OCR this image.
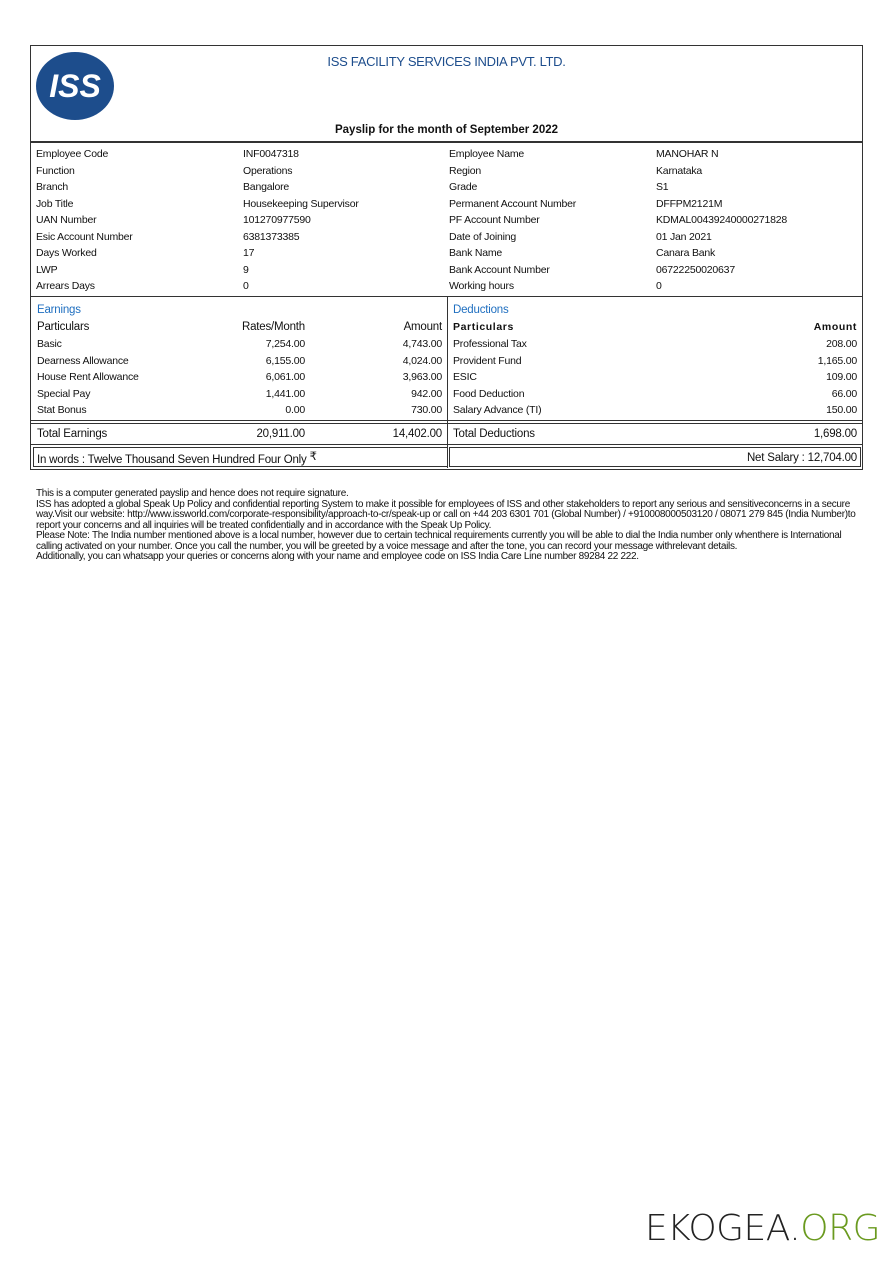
ISS
ISS FACILITY SERVICES INDIA PVT. LTD.
Payslip for the month of September 2022
Employee Code	INF0047318	Employee Name	MANOHAR N
Function	Operations	Region	Karnataka
Branch	Bangalore	Grade	S1
Job Title	Housekeeping Supervisor	Permanent Account Number	DFFPM2121M
UAN Number	101270977590	PF Account Number	KDMAL00439240000271828
Esic Account Number	6381373385	Date of Joining	01 Jan 2021
Days Worked	17	Bank Name	Canara Bank
LWP	9	Bank Account Number	06722250020637
Arrears Days	0	Working hours	0
Earnings	Deductions
Particulars	Rates/Month	Amount Particulars	Amount
Basic	7,254.00	4,743.00
Dearness Allowance	6,155.00	4,024.00
House Rent Allowance	6,061.00	3,963.00
Special Pay	1,441.00	942.00
Stat Bonus	0.00	730.00
Professional Tax	208.00
Provident Fund	1,165.00
ESIC	109.00
Food Deduction	66.00
Salary Advance (TI)	150.00
Total Earnings	20,911.00	14,402.00 Total Deductions	1,698.00
In words : Twelve Thousand Seven Hundred Four Only ₹	Net Salary : 12,704.00
This is a computer generated payslip and hence does not require signature.
ISS has adopted a global Speak Up Policy and confidential reporting System to make it possible for employees of ISS and other stakeholders to report any serious and sensitiveconcerns in a secure way.Visit our website: http://www.issworld.com/corporate-responsibility/approach-to-cr/speak-up or call on +44 203 6301 701 (Global Number) / +910008000503120 / 08071 279 845 (India Number)to report your concerns and all inquiries will be treated confidentially and in accordance with the Speak Up Policy.
Please Note: The India number mentioned above is a local number, however due to certain technical requirements currently you will be able to dial the India number only whenthere is International calling activated on your number. Once you call the number, you will be greeted by a voice message and after the tone, you can record your message withrelevant details.
Additionally, you can whatsapp your queries or concerns along with your name and employee code on ISS India Care Line number 89284 22 222.
EKOGEA.ORG
